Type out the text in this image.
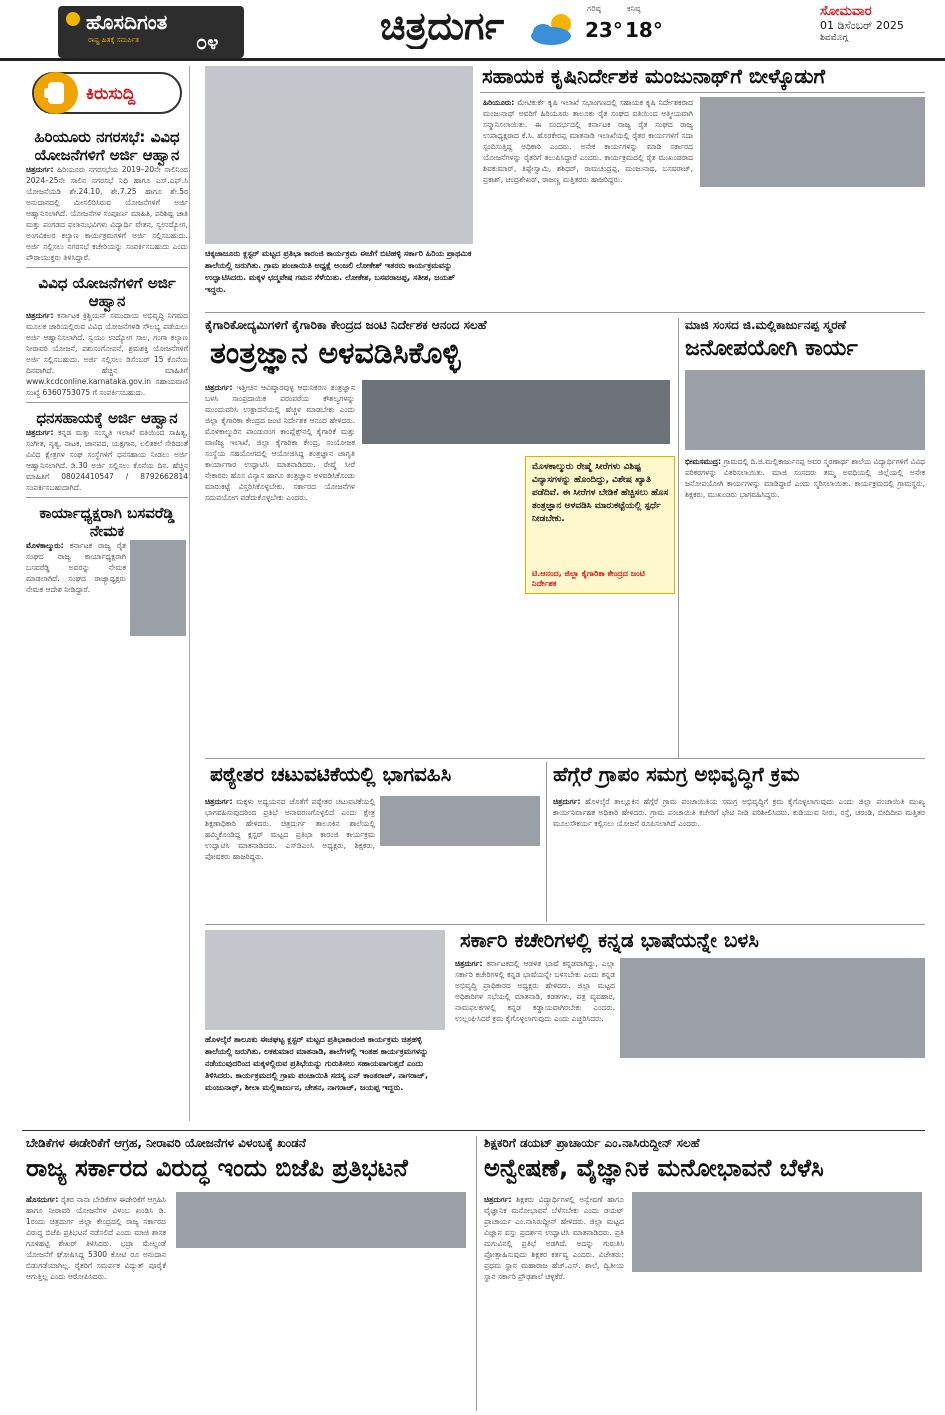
ಹೊಸದಿಗಂತ
ರಾಷ್ಟ್ರ ಹಿತಕ್ಕೆ ಸಮರ್ಪಿತ	೦೪	ಚಿತ್ರದುರ್ಗ	ಗರಿಷ್ಠ
23°
ಕನಿಷ್ಠ
18°
ಸೋಮವಾರ
01 ಡಿಸೆಂಬರ್ 2025
ಶಿವಮೊಗ್ಗ
ಕಿರುಸುದ್ದಿ
ಹಿರಿಯೂರು ನಗರಸಭೆ: ವಿವಿಧ ಯೋಜನೆಗಳಿಗೆ ಅರ್ಜಿ ಆಹ್ವಾನ
ಚಿತ್ರದುರ್ಗ: ಹಿರಿಯೂರು ನಗರಸಭೆಯ 2019–20ನೇ ಸಾಲಿನಿಂದ 2024–25ನೇ ಸಾಲಿನ ನಗರಸಭೆ ನಿಧಿ ಹಾಗೂ ಎಸ್.ಎಫ್.ಸಿ ಯೋಜನೆಯಡಿ ಶೇ.24.10, ಶೇ.7.25 ಹಾಗೂ ಶೇ.5ರ ಅನುದಾನದಲ್ಲಿ ಮೀಸಲಿರಿಸಿರುವ ಯೋಜನೆಗಳಿಗೆ ಅರ್ಜಿ ಆಹ್ವಾನಿಸಲಾಗಿದೆ. ಯೋಜನೆಗಳ ಸಂಪೂರ್ಣ ಮಾಹಿತಿ, ಪರಿಶಿಷ್ಟ ಜಾತಿ ಮತ್ತು ಪಂಗಡದ ಫಲಾನುಭವಿಗಳು ವಿದ್ಯಾರ್ಥಿ ವೇತನ, ಸ್ವಉದ್ಯೋಗ, ಅಂಗವಿಕಲರ ಕಲ್ಯಾಣ ಕಾರ್ಯಕ್ರಮಗಳಿಗೆ ಅರ್ಜಿ ಸಲ್ಲಿಸಬಹುದು. ಅರ್ಜಿ ಸಲ್ಲಿಸಲು ನಗರಸಭೆ ಕಚೇರಿಯನ್ನು ಸಂಪರ್ಕಿಸಬಹುದು ಎಂದು ಪೌರಾಯುಕ್ತರು ತಿಳಿಸಿದ್ದಾರೆ.
ವಿವಿಧ ಯೋಜನೆಗಳಿಗೆ ಅರ್ಜಿ ಆಹ್ವಾನ
ಚಿತ್ರದುರ್ಗ: ಕರ್ನಾಟಕ ಕ್ರಿಶ್ಚಿಯನ್ ಸಮುದಾಯ ಅಭಿವೃದ್ಧಿ ನಿಗಮದ ಮೂಲಕ ಜಾರಿಯಲ್ಲಿರುವ ವಿವಿಧ ಯೋಜನೆಗಳಡಿ ಸೌಲಭ್ಯ ಪಡೆಯಲು ಅರ್ಜಿ ಆಹ್ವಾನಿಸಲಾಗಿದೆ. ಸ್ವಯಂ ಉದ್ಯೋಗ ಸಾಲ, ಗಂಗಾ ಕಲ್ಯಾಣ ನೀರಾವರಿ ಯೋಜನೆ, ಪಶುಸಂಗೋಪನೆ, ಶ್ರಮಶಕ್ತಿ ಯೋಜನೆಗಳಿಗೆ ಅರ್ಜಿ ಸಲ್ಲಿಸಬಹುದು. ಅರ್ಜಿ ಸಲ್ಲಿಸಲು ಡಿಸೆಂಬರ್ 15 ಕೊನೆಯ ದಿನವಾಗಿದೆ. ಹೆಚ್ಚಿನ ಮಾಹಿತಿಗೆ www.kcdconline.karnataka.gov.in ಸಹಾಯವಾಣಿ ಸಂಖ್ಯೆ 6360753075 ಗೆ ಸಂಪರ್ಕಿಸಬಹುದು.
ಧನಸಹಾಯಕ್ಕೆ ಅರ್ಜಿ ಆಹ್ವಾನ
ಚಿತ್ರದುರ್ಗ: ಕನ್ನಡ ಮತ್ತು ಸಂಸ್ಕೃತಿ ಇಲಾಖೆ ವತಿಯಿಂದ ಸಾಹಿತ್ಯ, ಸಂಗೀತ, ನೃತ್ಯ, ನಾಟಕ, ಜಾನಪದ, ಯಕ್ಷಗಾನ, ಲಲಿತಕಲೆ ಸೇರಿದಂತೆ ವಿವಿಧ ಕ್ಷೇತ್ರಗಳ ಸಂಘ ಸಂಸ್ಥೆಗಳಿಗೆ ಧನಸಹಾಯ ನೀಡಲು ಅರ್ಜಿ ಆಹ್ವಾನಿಸಲಾಗಿದೆ. ಡಿ.30 ಅರ್ಜಿ ಸಲ್ಲಿಸಲು ಕೊನೆಯ ದಿನ. ಹೆಚ್ಚಿನ ಮಾಹಿತಿಗೆ 08024410547 / 8792662814 ಸಂಪರ್ಕಿಸಬಹುದಾಗಿದೆ.
ಕಾರ್ಯಾಧ್ಯಕ್ಷರಾಗಿ ಬಸವರೆಡ್ಡಿ ನೇಮಕ
ಮೊಳಕಾಲ್ಮುರು: ಕರ್ನಾಟಕ ರಾಜ್ಯ ರೈತ ಸಂಘದ ರಾಜ್ಯ ಕಾರ್ಯಾಧ್ಯಕ್ಷರಾಗಿ ಬಸವರೆಡ್ಡಿ ಅವರನ್ನು ನೇಮಕ ಮಾಡಲಾಗಿದೆ. ಸಂಘದ ರಾಜ್ಯಾಧ್ಯಕ್ಷರು ನೇಮಕ ಆದೇಶ ನೀಡಿದ್ದಾರೆ.
ಚಿಕ್ಕಜಾಜೂರು ಕ್ಲಸ್ಟರ್ ಮಟ್ಟದ ಪ್ರತಿಭಾ ಕಾರಂಜಿ ಕಾರ್ಯಕ್ರಮ ಈಚೆಗೆ ಬಿಟಿಹಳ್ಳಿ ಸರ್ಕಾರಿ ಹಿರಿಯ ಪ್ರಾಥಮಿಕ ಶಾಲೆಯಲ್ಲಿ ಜರುಗಿತು. ಗ್ರಾಮ ಪಂಚಾಯಿತಿ ಅಧ್ಯಕ್ಷೆ ಅಂಜಲಿ ಲೋಕೇಶ್ ಇತರರು ಕಾರ್ಯಕ್ರಮವನ್ನು ಉದ್ಘಾಟಿಸಿದರು. ಮಕ್ಕಳ ಛದ್ಮವೇಷ ಗಮನ ಸೆಳೆಯಿತು. ಲೋಕೇಶ, ಬಸವರಾಜಪ್ಪ, ಸತೀಶ, ಜಯಶ್ ಇದ್ದರು.
ಸಹಾಯಕ ಕೃಷಿನಿರ್ದೇಶಕ ಮಂಜುನಾಥ್‌ಗೆ ಬೀಳ್ಕೊಡುಗೆ
ಹಿರಿಯೂರು: ಮೇಟಿಕುರ್ಕೆ ಕೃಷಿ ಇಲಾಖೆ ಸಭಾಂಗಣದಲ್ಲಿ ಸಹಾಯಕ ಕೃಷಿ ನಿರ್ದೇಶಕರಾದ ಮಂಜುನಾಥ್ ಅವರಿಗೆ ಹಿರಿಯೂರು ತಾಲೂಕು ರೈತ ಸಂಘದ ವತಿಯಿಂದ ಆತ್ಮೀಯವಾಗಿ ಸನ್ಮಾನಿಸಲಾಯಿತು. ಈ ಸಂದರ್ಭದಲ್ಲಿ ಕರ್ನಾಟಕ ರಾಜ್ಯ ರೈತ ಸಂಘದ ರಾಜ್ಯ ಉಪಾಧ್ಯಕ್ಷರಾದ ಕೆ.ಸಿ. ಹೊರಕೇರಪ್ಪ ಮಾತನಾಡಿ ಇಲಾಖೆಯಲ್ಲಿ ರೈತರ ಕಾರ್ಯಗಳಿಗೆ ಸದಾ ಸ್ಪಂದಿಸುತ್ತಿದ್ದ ಅಧಿಕಾರಿ ಎಂದರು. ಅನೇಕ ಕಾರ್ಯಗಳನ್ನು ಮಾಡಿ ಸರ್ಕಾರದ ಯೋಜನೆಗಳನ್ನು ರೈತರಿಗೆ ತಲುಪಿಸಿದ್ದಾರೆ ಎಂದರು. ಕಾರ್ಯಕ್ರಮದಲ್ಲಿ ರೈತ ಮುಖಂಡರಾದ ಶಿವಕುಮಾರ್, ತಿಪ್ಪೇಸ್ವಾಮಿ, ಶಶಿಧರ್, ರಾಮಚಂದ್ರಪ್ಪ, ಮಂಜುನಾಥ, ಬಸವರಾಜ್, ಪ್ರಕಾಶ್, ಚಂದ್ರಶೇಖರ್, ರಾಜಣ್ಣ ಮತ್ತಿತರರು ಹಾಜರಿದ್ದರು.
ಕೈಗಾರಿಕೋದ್ಯಮಿಗಳಿಗೆ ಕೈಗಾರಿಕಾ ಕೇಂದ್ರದ ಜಂಟಿ ನಿರ್ದೇಶಕ ಆನಂದ ಸಲಹೆ
ತಂತ್ರಜ್ಞಾನ ಅಳವಡಿಸಿಕೊಳ್ಳಿ
ಚಿತ್ರದುರ್ಗ: ಇತ್ತೀಚಿನ ಆವಿಷ್ಕಾರವುಳ್ಳ ಆಧುನಿಕರಣ ತಂತ್ರಜ್ಞಾನ ಬಳಸಿ ಸಾಂಪ್ರದಾಯಿಕ ಪರಂಪರೆಯ ಕೌಶಲ್ಯಗಳನ್ನು ಮುಂದುವರಿಸಿ ಉತ್ಪಾದನೆಯಲ್ಲಿ ಹೆಚ್ಚಳ ಮಾಡಬೇಕು ಎಂದು ಜಿಲ್ಲಾ ಕೈಗಾರಿಕಾ ಕೇಂದ್ರದ ಜಂಟಿ ನಿರ್ದೇಶಕ ಆನಂದ ಹೇಳಿದರು. ಮೊಳಕಾಲ್ಮುರಿನ ಪಾಂಡುರಂಗ ಕಾಂಪ್ಲೆಕ್ಸ್‌ನಲ್ಲಿ ಕೈಗಾರಿಕೆ ಮತ್ತು ವಾಣಿಜ್ಯ ಇಲಾಖೆ, ಜಿಲ್ಲಾ ಕೈಗಾರಿಕಾ ಕೇಂದ್ರ, ಸಂಯೋಜಕ ಸಂಸ್ಥೆಯ ಸಹಯೋಗದಲ್ಲಿ ಆಯೋಜಿಸಿದ್ದ ತಂತ್ರಜ್ಞಾನ ಜಾಗೃತಿ ಕಾರ್ಯಾಗಾರ ಉದ್ಘಾಟಿಸಿ ಮಾತನಾಡಿದರು. ರೇಷ್ಮೆ ಸೀರೆ ನೇಕಾರರು ಹೊಸ ವಿನ್ಯಾಸ ಹಾಗೂ ತಂತ್ರಜ್ಞಾನ ಅಳವಡಿಸಿಕೊಂಡು ಮಾರುಕಟ್ಟೆ ವಿಸ್ತರಿಸಿಕೊಳ್ಳಬೇಕು. ಸರ್ಕಾರದ ಯೋಜನೆಗಳ ಸದುಪಯೋಗ ಪಡೆದುಕೊಳ್ಳಬೇಕು ಎಂದರು.
ಮೊಳಕಾಲ್ಮುರು ರೇಷ್ಮೆ ಸೀರೆಗಳು ವಿಶಿಷ್ಟ ವಿನ್ಯಾಸಗಳನ್ನು ಹೊಂದಿದ್ದು, ವಿಶೇಷ ಖ್ಯಾತಿ ಪಡೆದಿವೆ. ಈ ಸೀರೆಗಳ ಬೇಡಿಕೆ ಹೆಚ್ಚಿಸಲು ಹೊಸ ತಂತ್ರಜ್ಞಾನ ಅಳವಡಿಸಿ ಮಾರುಕಟ್ಟೆಯಲ್ಲಿ ಸ್ಪರ್ಧೆ ನೀಡಬೇಕು.
ಟಿ.ಆನಂದ, ಜಿಲ್ಲಾ ಕೈಗಾರಿಕಾ ಕೇಂದ್ರದ ಜಂಟಿ ನಿರ್ದೇಶಕ
ಮಾಜಿ ಸಂಸದ ಜಿ.ಮಲ್ಲಿಕಾರ್ಜುನಪ್ಪ ಸ್ಮರಣೆ
ಜನೋಪಯೋಗಿ ಕಾರ್ಯ
ಭೀಮಸಮುದ್ರ: ಗ್ರಾಮದಲ್ಲಿ ದಿ.ಜಿ.ಮಲ್ಲಿಕಾರ್ಜುನಪ್ಪ ಅವರ ಸ್ಮರಣಾರ್ಥ ಶಾಲೆಯ ವಿದ್ಯಾರ್ಥಿಗಳಿಗೆ ವಿವಿಧ ಪರಿಕರಗಳನ್ನು ವಿತರಿಸಲಾಯಿತು. ಮಾಜಿ ಸಂಸದರು ತಮ್ಮ ಅವಧಿಯಲ್ಲಿ ಜಿಲ್ಲೆಯಲ್ಲಿ ಅನೇಕ ಜನೋಪಯೋಗಿ ಕಾರ್ಯಗಳನ್ನು ಮಾಡಿದ್ದಾರೆ ಎಂದು ಸ್ಮರಿಸಲಾಯಿತು. ಕಾರ್ಯಕ್ರಮದಲ್ಲಿ ಗ್ರಾಮಸ್ಥರು, ಶಿಕ್ಷಕರು, ಮುಖಂಡರು ಭಾಗವಹಿಸಿದ್ದರು.
ಪಠ್ಯೇತರ ಚಟುವಟಿಕೆಯಲ್ಲಿ ಭಾಗವಹಿಸಿ
ಚಿತ್ರದುರ್ಗ: ಮಕ್ಕಳು ಅಧ್ಯಯನದ ಜೊತೆಗೆ ಪಠ್ಯೇತರ ಚಟುವಟಿಕೆಯಲ್ಲಿ ಭಾಗವಹಿಸುವುದರಿಂದ ಪ್ರತಿಭೆ ಅನಾವರಣಗೊಳ್ಳಲಿದೆ ಎಂದು ಕ್ಷೇತ್ರ ಶಿಕ್ಷಣಾಧಿಕಾರಿ ಹೇಳಿದರು. ಚಿತ್ರದುರ್ಗ ತಾಲೂಕಿನ ಶಾಲೆಯಲ್ಲಿ ಹಮ್ಮಿಕೊಂಡಿದ್ದ ಕ್ಲಸ್ಟರ್ ಮಟ್ಟದ ಪ್ರತಿಭಾ ಕಾರಂಜಿ ಕಾರ್ಯಕ್ರಮ ಉದ್ಘಾಟಿಸಿ ಮಾತನಾಡಿದರು. ಎಸ್‌ಡಿಎಂಸಿ ಅಧ್ಯಕ್ಷರು, ಶಿಕ್ಷಕರು, ಪೋಷಕರು ಹಾಜರಿದ್ದರು.
ಹೆಗ್ಗೆರೆ ಗ್ರಾಪಂ ಸಮಗ್ರ ಅಭಿವೃದ್ಧಿಗೆ ಕ್ರಮ
ಚಿತ್ರದುರ್ಗ: ಹೊಳಲ್ಕೆರೆ ತಾಲ್ಲೂಕಿನ ಹೆಗ್ಗೆರೆ ಗ್ರಾಮ ಪಂಚಾಯಿತಿಯ ಸಮಗ್ರ ಅಭಿವೃದ್ಧಿಗೆ ಕ್ರಮ ಕೈಗೊಳ್ಳಲಾಗುವುದು ಎಂದು ಜಿಲ್ಲಾ ಪಂಚಾಯಿತಿ ಮುಖ್ಯ ಕಾರ್ಯನಿರ್ವಾಹಕ ಅಧಿಕಾರಿ ಹೇಳಿದರು. ಗ್ರಾಮ ಪಂಚಾಯಿತಿ ಕಚೇರಿಗೆ ಭೇಟಿ ನೀಡಿ ಪರಿಶೀಲಿಸಿದರು. ಕುಡಿಯುವ ನೀರು, ರಸ್ತೆ, ಚರಂಡಿ, ಬೀದಿದೀಪ ಮತ್ತಿತರ ಮೂಲಸೌಕರ್ಯ ಕಲ್ಪಿಸಲು ಯೋಜನೆ ರೂಪಿಸಲಾಗಿದೆ ಎಂದರು.
ಹೊಳಲ್ಕೆರೆ ತಾಲೂಕು ಈಚಘಟ್ಟ ಕ್ಲಸ್ಟರ್ ಮಟ್ಟದ ಪ್ರತಿಭಾಕಾರಂಜಿ ಕಾರ್ಯಕ್ರಮ ಚಿತ್ರಹಳ್ಳಿ ಶಾಲೆಯಲ್ಲಿ ಜರುಗಿತು. ಲಕಕುಮಾರ ಮಾತನಾಡಿ, ಶಾಲೆಗಳಲ್ಲಿ ಇಂತಹ ಕಾರ್ಯಕ್ರಮಗಳನ್ನು ನಡೆಯುವುದರಿಂದ ಮಕ್ಕಳಲ್ಲಿರುವ ಪ್ರತಿಭೆಯನ್ನು ಗುರುತಿಸಲು ಸಹಾಯವಾಗುತ್ತದೆ ಎಂದು ತಿಳಿಸಿದರು. ಕಾರ್ಯಕ್ರಮದಲ್ಲಿ ಗ್ರಾಮ ಪಂಚಾಯಿತಿ ಸದಸ್ಯ ಎನ್ ಕಾಂತರಾಜ್, ನಾಗರಾಜ್, ಮಂಜುನಾಥ್, ಶೀಲಾ ಮಲ್ಲಿಕಾರ್ಜುನ, ಚೇತನ, ನಾಗರಾಜ್, ಜಯಪ್ಪ ಇದ್ದರು.
ಸರ್ಕಾರಿ ಕಚೇರಿಗಳಲ್ಲಿ ಕನ್ನಡ ಭಾಷೆಯನ್ನೇ ಬಳಸಿ
ಚಿತ್ರದುರ್ಗ: ಕರ್ನಾಟಕದಲ್ಲಿ ಆಡಳಿತ ಭಾಷೆ ಕನ್ನಡವಾಗಿದ್ದು, ಎಲ್ಲಾ ಸರ್ಕಾರಿ ಕಚೇರಿಗಳಲ್ಲಿ ಕನ್ನಡ ಭಾಷೆಯನ್ನೇ ಬಳಸಬೇಕು ಎಂದು ಕನ್ನಡ ಅಭಿವೃದ್ಧಿ ಪ್ರಾಧಿಕಾರದ ಅಧ್ಯಕ್ಷರು ಹೇಳಿದರು. ಜಿಲ್ಲಾ ಮಟ್ಟದ ಅಧಿಕಾರಿಗಳ ಸಭೆಯಲ್ಲಿ ಮಾತನಾಡಿ, ಕಡತಗಳು, ಪತ್ರ ವ್ಯವಹಾರ, ನಾಮಫಲಕಗಳಲ್ಲಿ ಕನ್ನಡ ಕಡ್ಡಾಯವಾಗಿರಬೇಕು ಎಂದರು. ಉಲ್ಲಂಘಿಸಿದರೆ ಕ್ರಮ ಕೈಗೊಳ್ಳಲಾಗುವುದು ಎಂದು ಎಚ್ಚರಿಸಿದರು.
ಬೇಡಿಕೆಗಳ ಈಡೇರಿಕೆಗೆ ಆಗ್ರಹ, ನೀರಾವರಿ ಯೋಜನೆಗಳ ವಿಳಂಬಕ್ಕೆ ಖಂಡನೆ
ರಾಜ್ಯ ಸರ್ಕಾರದ ವಿರುದ್ಧ ಇಂದು ಬಿಜೆಪಿ ಪ್ರತಿಭಟನೆ
ಹೊಸದುರ್ಗ: ರೈತರ ನಾನಾ ಬೇಡಿಕೆಗಳ ಈಡೇರಿಕೆಗೆ ಆಗ್ರಹಿಸಿ ಹಾಗೂ ನೀರಾವರಿ ಯೋಜನೆಗಳ ವಿಳಂಬ ಖಂಡಿಸಿ ಡಿ. 1ರಂದು ಚಿತ್ರದುರ್ಗ ಜಿಲ್ಲಾ ಕೇಂದ್ರದಲ್ಲಿ ರಾಜ್ಯ ಸರ್ಕಾರದ ವಿರುದ್ಧ ಬಿಜೆಪಿ ಪ್ರತಿಭಟನೆ ನಡೆಸಲಿದೆ ಎಂದು ಮಾಜಿ ಶಾಸಕ ಗೂಳಿಹಟ್ಟಿ ಶೇಖರ್ ತಿಳಿಸಿದರು. ಭದ್ರಾ ಮೇಲ್ದಂಡೆ ಯೋಜನೆಗೆ ಘೋಷಿಸಿದ್ದ 5300 ಕೋಟಿ ರೂ ಅನುದಾನ ಬಿಡುಗಡೆಯಾಗಿಲ್ಲ. ರೈತರಿಗೆ ಸಮರ್ಪಕ ವಿದ್ಯುತ್ ಪೂರೈಕೆ ಆಗುತ್ತಿಲ್ಲ ಎಂದು ಆರೋಪಿಸಿದರು.
ಶಿಕ್ಷಕರಿಗೆ ಡಯಟ್ ಪ್ರಾಚಾರ್ಯ ಎಂ.ನಾಸಿರುದ್ದೀನ್ ಸಲಹೆ
ಅನ್ವೇಷಣೆ, ವೈಜ್ಞಾನಿಕ ಮನೋಭಾವನೆ ಬೆಳೆಸಿ
ಚಿತ್ರದುರ್ಗ: ಶಿಕ್ಷಕರು ವಿದ್ಯಾರ್ಥಿಗಳಲ್ಲಿ ಅನ್ವೇಷಣೆ ಹಾಗೂ ವೈಜ್ಞಾನಿಕ ಮನೋಭಾವನೆ ಬೆಳೆಸಬೇಕು ಎಂದು ಡಯಟ್ ಪ್ರಾಚಾರ್ಯ ಎಂ.ನಾಸಿರುದ್ದೀನ್ ಹೇಳಿದರು. ಜಿಲ್ಲಾ ಮಟ್ಟದ ವಿಜ್ಞಾನ ವಸ್ತು ಪ್ರದರ್ಶನ ಉದ್ಘಾಟಿಸಿ ಮಾತನಾಡಿದರು. ಪ್ರತಿ ಮಗುವಿನಲ್ಲಿ ಪ್ರತಿಭೆ ಅಡಗಿದೆ. ಅದನ್ನು ಗುರುತಿಸಿ ಪ್ರೋತ್ಸಾಹಿಸುವುದು ಶಿಕ್ಷಕರ ಕರ್ತವ್ಯ ಎಂದರು. ವಿಜೇತರು: ಪ್ರಥಮ ಸ್ಥಾನ ಮಹಾರಾಜ ಹೆಚ್.ಎಸ್. ಶಾಲೆ, ದ್ವಿತೀಯ ಸ್ಥಾನ ಸರ್ಕಾರಿ ಪ್ರೌಢಶಾಲೆ ಚಳ್ಳಕೆರೆ.
